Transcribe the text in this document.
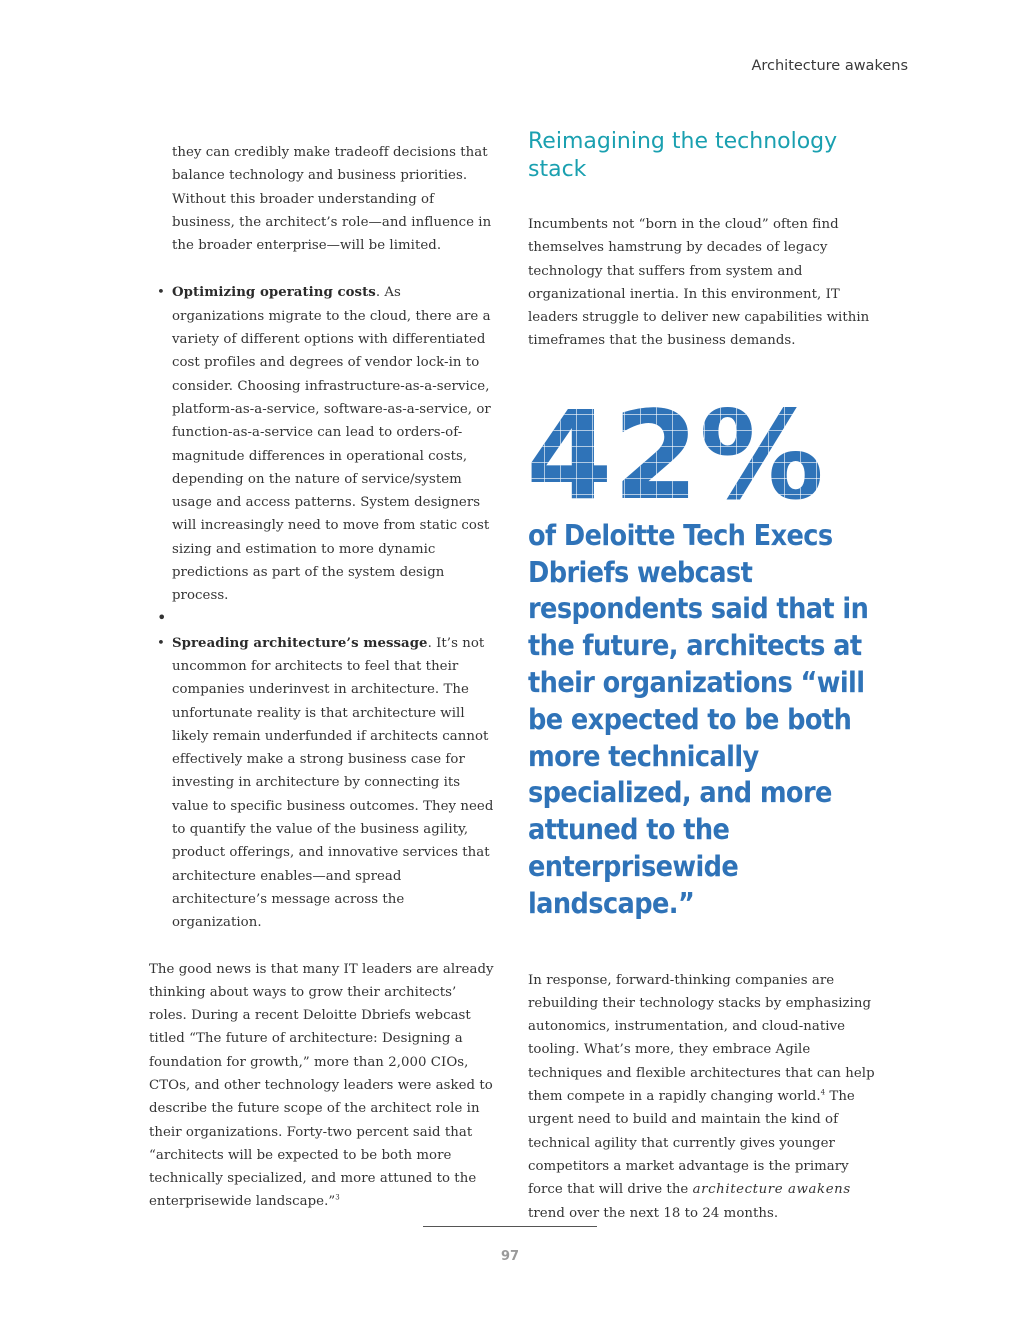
Architecture awakens

they can credibly make tradeoff decisions that balance technology and business priorities. Without this broader understanding of business, the architect’s role—and influence in the broader enterprise—will be limited.

• Optimizing operating costs. As organizations migrate to the cloud, there are a variety of different options with differentiated cost profiles and degrees of vendor lock-in to consider. Choosing infrastructure-as-a-service, platform-as-a-service, software-as-a-service, or function-as-a-service can lead to orders-of-magnitude differences in operational costs, depending on the nature of service/system usage and access patterns. System designers will increasingly need to move from static cost sizing and estimation to more dynamic predictions as part of the system design process.
•
• Spreading architecture’s message. It’s not uncommon for architects to feel that their companies underinvest in architecture. The unfortunate reality is that architecture will likely remain underfunded if architects cannot effectively make a strong business case for investing in architecture by connecting its value to specific business outcomes. They need to quantify the value of the business agility, product offerings, and innovative services that architecture enables—and spread architecture’s message across the organization.

The good news is that many IT leaders are already thinking about ways to grow their architects’ roles. During a recent Deloitte Dbriefs webcast titled “The future of architecture: Designing a foundation for growth,” more than 2,000 CIOs, CTOs, and other technology leaders were asked to describe the future scope of the architect role in their organizations. Forty-two percent said that “architects will be expected to be both more technically specialized, and more attuned to the enterprisewide landscape.”$^3$

Reimagining the technology stack

Incumbents not “born in the cloud” often find themselves hamstrung by decades of legacy technology that suffers from system and organizational inertia. In this environment, IT leaders struggle to deliver new capabilities within timeframes that the business demands.

of Deloitte Tech Execs Dbriefs webcast respondents said that in the future, architects at their organizations “will be expected to be both more technically specialized, and more attuned to the enterprisewide landscape.”

In response, forward-thinking companies are rebuilding their technology stacks by emphasizing autonomics, instrumentation, and cloud-native tooling. What’s more, they embrace Agile techniques and flexible architectures that can help them compete in a rapidly changing world.$^4$ The urgent need to build and maintain the kind of technical agility that currently gives younger competitors a market advantage is the primary force that will drive the architecture awakens trend over the next 18 to 24 months.

97
